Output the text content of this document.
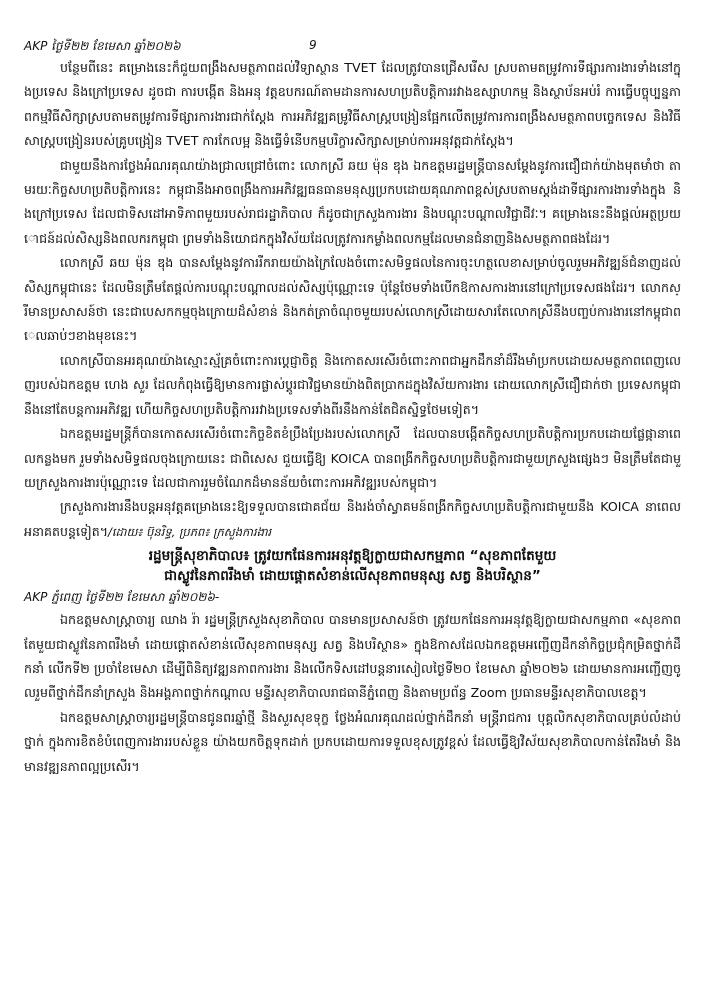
AKP ថ្ងៃទី២២ ខែមេសា ឆ្នាំ២០២៦	9

បន្ថែមពីនេះ គម្រោងនេះក៏ជួយពង្រឹងសមត្ថភាពដល់វិទ្យាស្ថាន TVET ដែលត្រូវបានជ្រើសរើស ស្របតាមតម្រូវការទីផ្សារការងារទាំងនៅក្នុងប្រទេស និងក្រៅប្រទេស ដូចជា ការបង្កើត និងអនុ វត្តឧបករណ៍តាមដានការសហប្រតិបត្តិការរវាងឧស្សាហកម្ម និងស្ថាប័នអប់រំ ការធ្វើបច្ចុប្បន្នភាពកម្មវិធីសិក្សាស្របតាមតម្រូវការទីផ្សារការងារជាក់ស្ដែង ការអភិវឌ្ឍគម្រូវិធីសាស្ត្របង្រៀនផ្អែកលើតម្រូវការការពង្រឹងសមត្ថភាពបច្ចេកទេស និងវិធីសាស្ត្របង្រៀនរបស់គ្រូបង្រៀន TVET ការកែលម្អ និងធ្វើទំនើបកម្មបរិក្ខារសិក្សាសម្រាប់ការអនុវត្តជាក់ស្ដែង។

ជាមួយនឹងការថ្លែងអំណរគុណយ៉ាងជ្រាលជ្រៅចំពោះ លោកស្រី ឆយ ម៉ុន ឌុង ឯកឧត្តមរដ្ឋមន្ត្រីបានសម្ដែងនូវការជឿជាក់យ៉ាងមុតមាំថា តាមរយៈកិច្ចសហប្រតិបត្តិការនេះ កម្ពុជានឹងអាចពង្រឹងការអភិវឌ្ឍធនធានមនុស្សប្រកបដោយគុណភាពខ្ពស់ស្របតាមស្ដង់ដាទីផ្សារការងារទាំងក្នុង និងក្រៅប្រទេស ដែលជាទិសដៅអាទិភាពមួយរបស់រាជរដ្ឋាភិបាល ក៏ដូចជាក្រសួងការងារ និងបណ្ដុះបណ្ដាលវិជ្ជាជីវៈ។ គម្រោងនេះនឹងផ្ដល់អត្ថប្រយោជន៍ដល់សិស្សនិងពលករកម្ពុជា ព្រមទាំងនិយោជកក្នុងវិស័យដែលត្រូវការកម្លាំងពលកម្មដែលមានជំនាញនិងសមត្ថភាពផងដែរ។

លោកស្រី ឆយ ម៉ុន ឌុង បានសម្ដែងនូវការរីករាយយ៉ាងក្រៃលែងចំពោះសមិទ្ធផលនៃការចុះហត្ថលេខាសម្រាប់ចូលរួមអភិវឌ្ឍន៍ជំនាញដល់សិស្សកម្ពុជានេះ ដែលមិនត្រឹមតែផ្ដល់ការបណ្ដុះបណ្ដាលដល់សិស្សប៉ុណ្ណោះទេ ប៉ុន្តែថែមទាំងបើកឱកាសការងារនៅក្រៅប្រទេសផងដែរ។ លោកស្រីមានប្រសាសន៍ថា នេះជាបេសកកម្មចុងក្រោយដ៏សំខាន់ និងកត់ត្រាចំណុចមួយរបស់លោកស្រីដោយសារតែលោកស្រីនឹងបញ្ចប់ការងារនៅកម្ពុជាពេលឆាប់ៗខាងមុខនេះ។

លោកស្រីបានអរគុណយ៉ាងស្មោះស្ម័គ្រចំពោះការប្ដេជ្ញាចិត្ត និងកោតសរសើរចំពោះភាពជាអ្នកដឹកនាំដ៏រឹងមាំប្រកបដោយសមត្ថភាពពេញលេញរបស់ឯកឧត្តម ហេង សួរ ដែលកំពុងធ្វើឱ្យមានការផ្លាស់ប្ដូរជាវិជ្ជមានយ៉ាងពិតប្រាកដក្នុងវិស័យការងារ ដោយលោកស្រីជឿជាក់ថា ប្រទេសកម្ពុជានឹងនៅតែបន្តការអភិវឌ្ឍ ហើយកិច្ចសហប្រតិបត្តិការរវាងប្រទេសទាំងពីរនឹងកាន់តែជិតស្និទ្ធថែមទៀត។

ឯកឧត្តមរដ្ឋមន្ត្រីក៏បានកោតសរសើរចំពោះកិច្ចខិតខំប្រឹងប្រែងរបស់លោកស្រី ដែលបានបង្កើតកិច្ចសហប្រតិបត្តិការប្រកបដោយផ្លែផ្កានាពេលកន្លងមក រួមទាំងសមិទ្ធផលចុងក្រោយនេះ ជាពិសេស ជួយធ្វើឱ្យ KOICA បានពង្រីកកិច្ចសហប្រតិបត្តិការជាមួយក្រសួងផ្សេងៗ មិនត្រឹមតែជាមួយក្រសួងការងារប៉ុណ្ណោះទេ ដែលជាការរួមចំណែកដ៏មានន័យចំពោះការអភិវឌ្ឍរបស់កម្ពុជា។

ក្រសួងការងារនឹងបន្តអនុវត្តគម្រោងនេះឱ្យទទួលបានជោគជ័យ និងរង់ចាំស្វាគមន៍ពង្រីកកិច្ចសហប្រតិបត្តិការជាមួយនឹង KOICA នាពេលអនាគតបន្តទៀត។/ដោយ៖ ប៊ុនរិទ្ធ, ប្រភព៖ ក្រសួងការងារ

រដ្ឋមន្ត្រីសុខាភិបាល៖ ត្រូវយកផែនការអនុវត្តឱ្យក្លាយជាសកម្មភាព “សុខភាពតែមួយ
ជាស្លូវនៃភាពរឹងមាំ ដោយផ្ដោតសំខាន់លើសុខភាពមនុស្ស សត្វ និងបរិស្ថាន”
AKP ភ្នំពេញ ថ្ងៃទី២២ ខែមេសា ឆ្នាំ២០២៦-

ឯកឧត្តមសាស្ត្រាចារ្យ ឈាង រ៉ា រដ្ឋមន្ត្រីក្រសួងសុខាភិបាល បានមានប្រសាសន៍ថា ត្រូវយកផែនការអនុវត្តឱ្យក្លាយជាសកម្មភាព «សុខភាពតែមួយជាស្លូវនៃភាពរឹងមាំ ដោយផ្ដោតសំខាន់លើសុខភាពមនុស្ស សត្វ និងបរិស្ថាន» ក្នុងឱកាសដែលឯកឧត្តមអញ្ជើញដឹកនាំកិច្ចប្រជុំកម្រិតថ្នាក់ដឹកនាំ លើកទី២ ប្រចាំខែមេសា ដើម្បីពិនិត្យវឌ្ឍនភាពការងារ និងលើកទិសដៅបន្តនារសៀលថ្ងៃទី២០ ខែមេសា ឆ្នាំ២០២៦ ដោយមានការអញ្ជើញចូលរួមពីថ្នាក់ដឹកនាំក្រសួង និងអង្គភាពថ្នាក់កណ្ដាល មន្ទីរសុខាភិបាលរាជធានីភ្នំពេញ និងតាមប្រព័ន្ធ Zoom ប្រធានមន្ទីរសុខាភិបាលខេត្ត។

ឯកឧត្តមសាស្ត្រាចារ្យរដ្ឋមន្ត្រីបានជូនពរឆ្នាំថ្មី និងសួរសុខទុក្ខ ថ្លែងអំណរគុណដល់ថ្នាក់ដឹកនាំ មន្ត្រីរាជការ បុគ្គលិកសុខាភិបាលគ្រប់លំដាប់ថ្នាក់ ក្នុងការខិតខំបំពេញការងាររបស់ខ្លួន យ៉ាងយកចិត្តទុកដាក់ ប្រកបដោយការទទួលខុសត្រូវខ្ពស់ ដែលធ្វើឱ្យវិស័យសុខាភិបាលកាន់តែរឹងមាំ និងមានវឌ្ឍនភាពល្អប្រសើរ។
